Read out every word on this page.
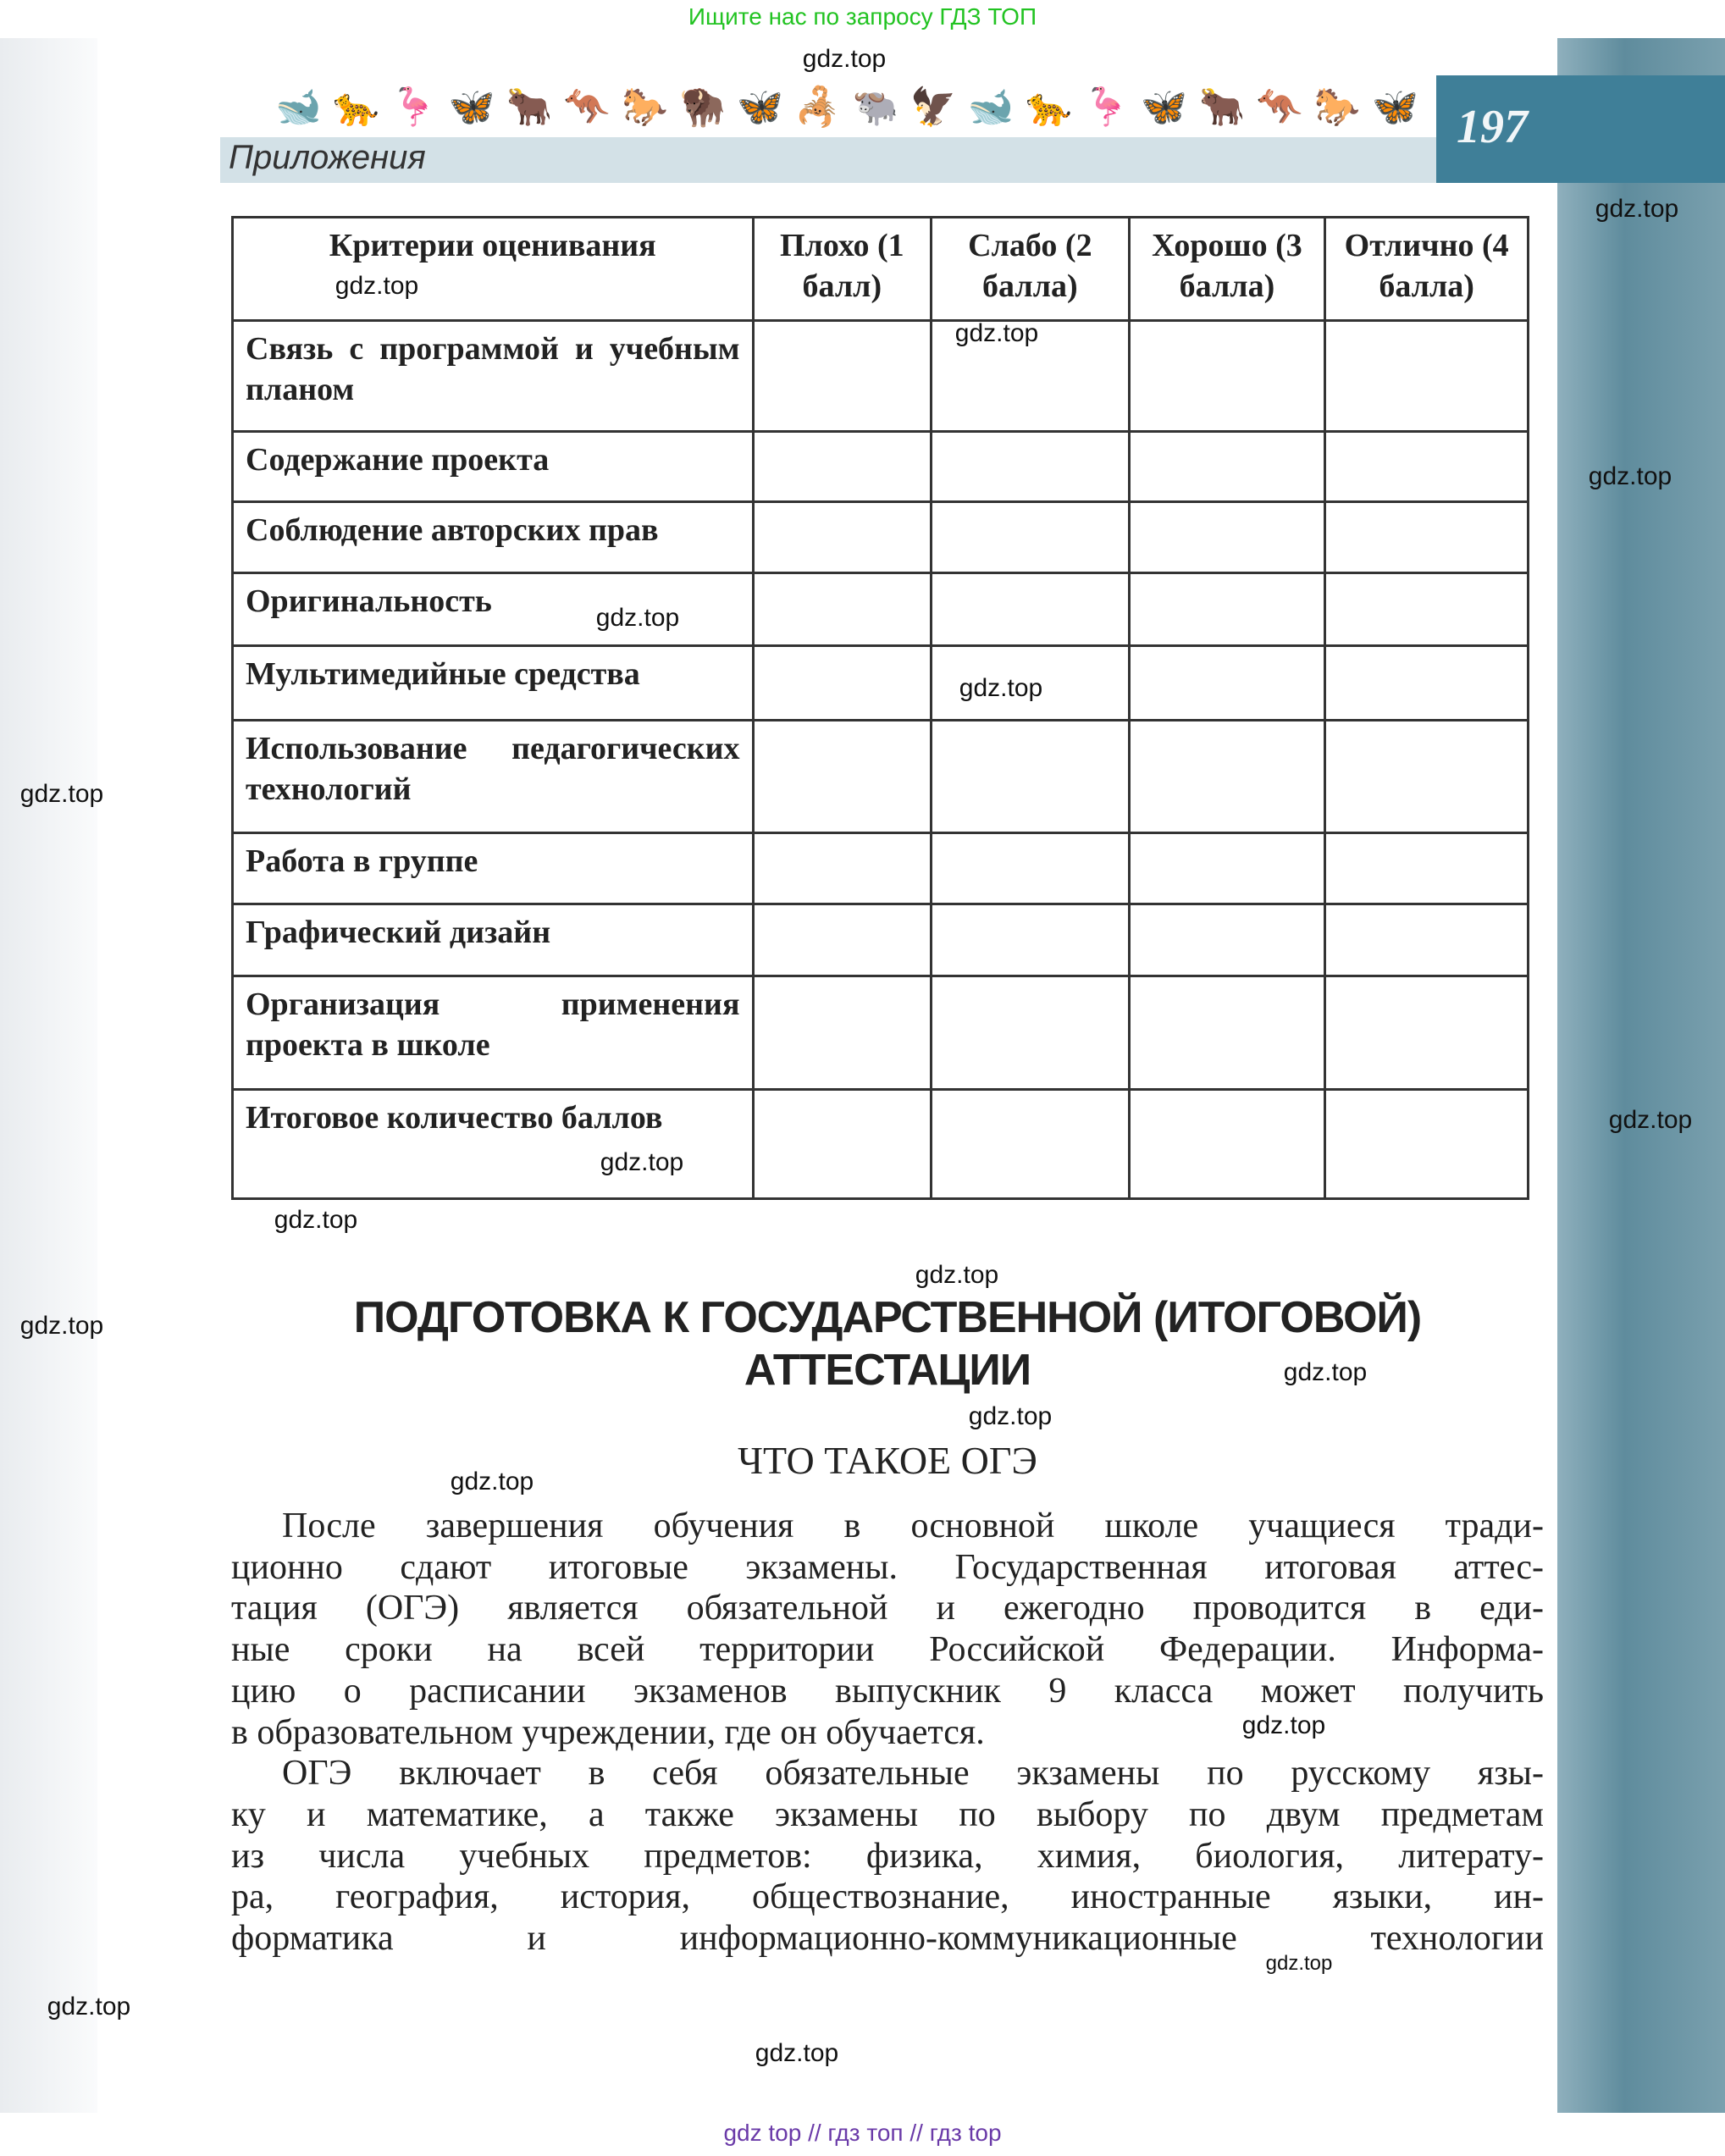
Ищите нас по запросу ГДЗ ТОП
🐋 🐆 🦩 🦋 🐂 🦘 🐎 🦬 🦋 🦂 🐃 🦅 🐋 🐆 🦩 🦋 🐂 🦘 🐎 🦋
Приложения
197
Критерии оценивания	Плохо (1 балл)	Слабо (2 балла)	Хорошо (3 балла)	Отлично (4 балла)
Связь с программой и учебным планом				
Содержание проекта				
Соблюдение авторских прав				
Оригинальность				
Мультимедийные средства				
Использование педагогических технологий				
Работа в группе				
Графический дизайн				
Организация применения проекта в школе				
Итоговое количество баллов				
ПОДГОТОВКА К ГОСУДАРСТВЕННОЙ (ИТОГОВОЙ) АТТЕСТАЦИИ
ЧТО ТАКОЕ ОГЭ
После завершения обучения в основной школе учащиеся тради-
ционно сдают итоговые экзамены. Государственная итоговая аттес-
тация (ОГЭ) является обязательной и ежегодно проводится в еди-
ные сроки на всей территории Российской Федерации. Информа-
цию о расписании экзаменов выпускник 9 класса может получить
в образовательном учреждении, где он обучается.
ОГЭ включает в себя обязательные экзамены по русскому язы-
ку и математике, а также экзамены по выбору по двум предметам
из числа учебных предметов: физика, химия, биология, литерату-
ра, география, история, обществознание, иностранные языки, ин-
форматика и информационно-коммуникационные технологии
gdz top // гдз топ // гдз top
gdz.top
gdz.top
gdz.top
gdz.top
gdz.top
gdz.top
gdz.top
gdz.top
gdz.top
gdz.top
gdz.top
gdz.top
gdz.top
gdz.top
gdz.top
gdz.top
gdz.top
gdz.top
gdz.top
gdz.top
